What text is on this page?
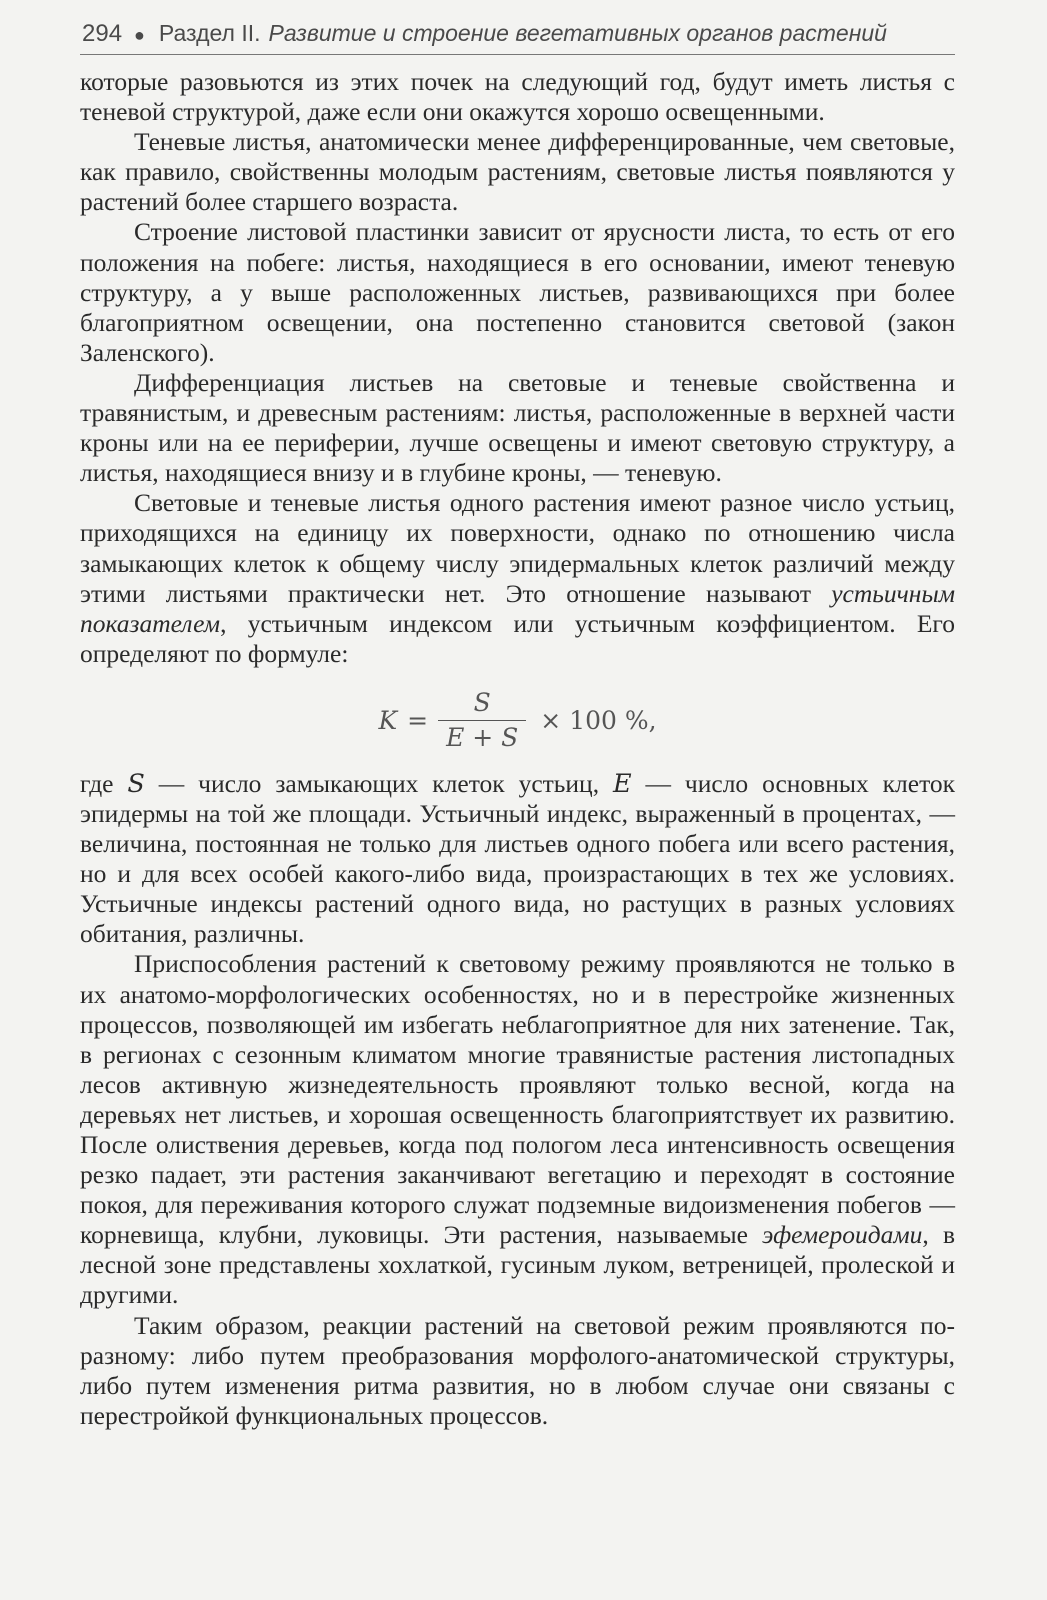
294 ● Раздел II. Развитие и строение вегетативных органов растений

которые разовьются из этих почек на следующий год, будут иметь листья с теневой структурой, даже если они окажутся хорошо освещенными.

Теневые листья, анатомически менее дифференцированные, чем световые, как правило, свойственны молодым растениям, световые листья появляются у растений более старшего возраста.

Строение листовой пластинки зависит от ярусности листа, то есть от его положения на побеге: листья, находящиеся в его основании, имеют теневую структуру, а у выше расположенных листьев, развивающихся при более благоприятном освещении, она постепенно становится световой (закон Заленского).

Дифференциация листьев на световые и теневые свойственна и травянистым, и древесным растениям: листья, расположенные в верхней части кроны или на ее периферии, лучше освещены и имеют световую структуру, а листья, находящиеся внизу и в глубине кроны, — теневую.

Световые и теневые листья одного растения имеют разное число устьиц, приходящихся на единицу их поверхности, однако по отношению числа замыкающих клеток к общему числу эпидермальных клеток различий между этими листьями практически нет. Это отношение называют устьичным показателем, устьичным индексом или устьичным коэффициентом. Его определяют по формуле:

$K = \frac{S}{E + S} \times 100$ %,

где S — число замыкающих клеток устьиц, E — число основных клеток эпидермы на той же площади. Устьичный индекс, выраженный в процентах, — величина, постоянная не только для листьев одного побега или всего растения, но и для всех особей какого-либо вида, произрастающих в тех же условиях. Устьичные индексы растений одного вида, но растущих в разных условиях обитания, различны.

Приспособления растений к световому режиму проявляются не только в их анатомо-морфологических особенностях, но и в перестройке жизненных процессов, позволяющей им избегать неблагоприятное для них затенение. Так, в регионах с сезонным климатом многие травянистые растения листопадных лесов активную жизнедеятельность проявляют только весной, когда на деревьях нет листьев, и хорошая освещенность благоприятствует их развитию. После олиствения деревьев, когда под пологом леса интенсивность освещения резко падает, эти растения заканчивают вегетацию и переходят в состояние покоя, для переживания которого служат подземные видоизменения побегов — корневища, клубни, луковицы. Эти растения, называемые эфемероидами, в лесной зоне представлены хохлаткой, гусиным луком, ветреницей, пролеской и другими.

Таким образом, реакции растений на световой режим проявляются по-разному: либо путем преобразования морфолого-анатомической структуры, либо путем изменения ритма развития, но в любом случае они связаны с перестройкой функциональных процессов.
